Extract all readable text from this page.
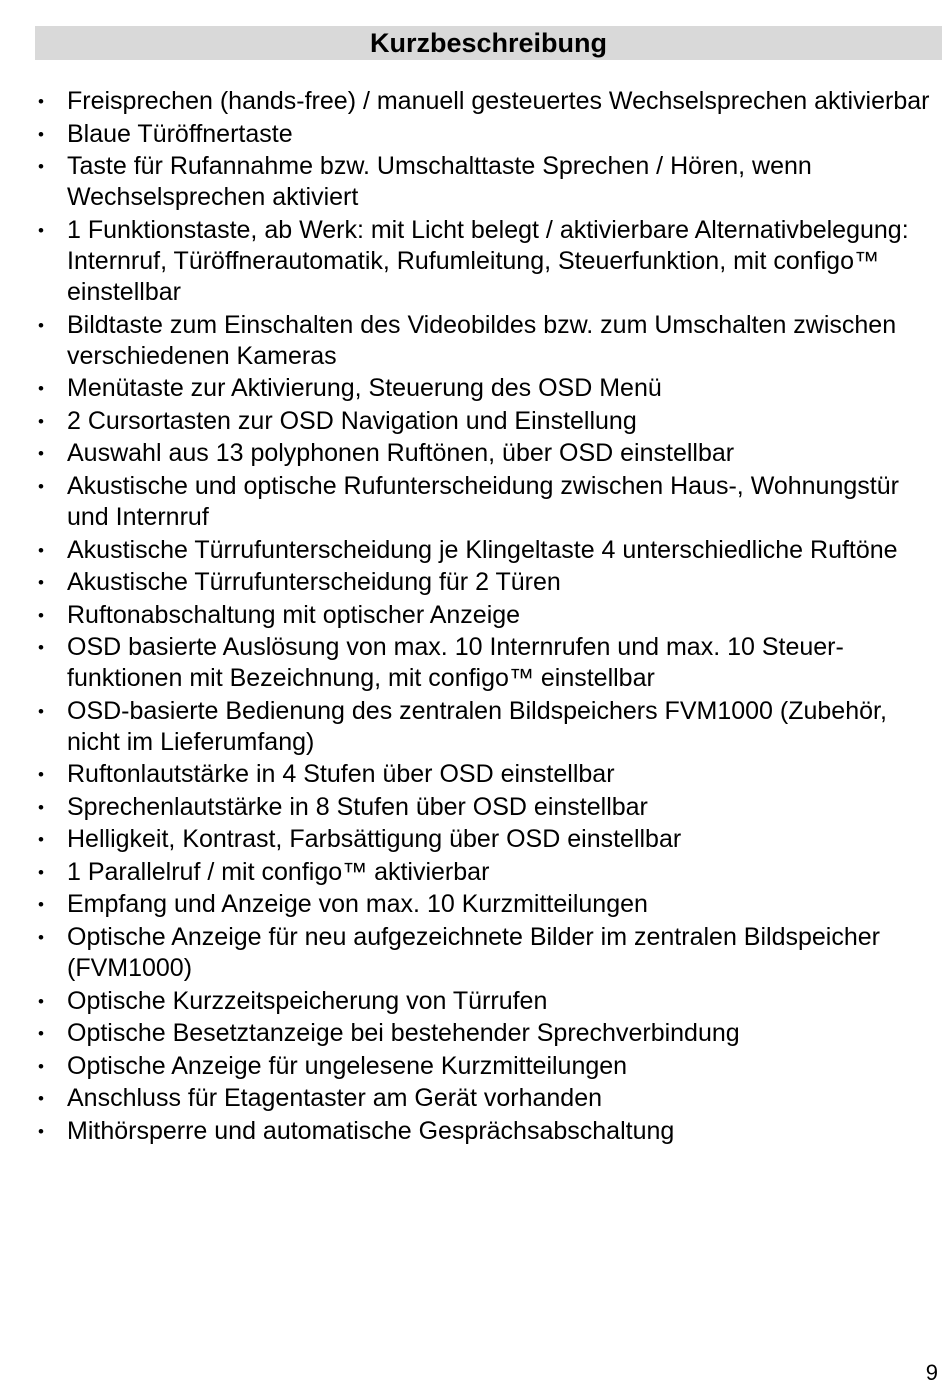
Kurzbeschreibung
• Freisprechen (hands-free) / manuell gesteuertes Wechselsprechen aktivierbar
• Blaue Türöffnertaste
• Taste für Rufannahme bzw. Umschalttaste Sprechen / Hören, wenn Wechselsprechen aktiviert
• 1 Funktionstaste, ab Werk: mit Licht belegt / aktivierbare Alternativbelegung: Internruf, Türöffnerautomatik, Rufumleitung, Steuerfunktion, mit configo™ einstellbar
• Bildtaste zum Einschalten des Videobildes bzw. zum Umschalten zwischen verschiedenen Kameras
• Menütaste zur Aktivierung, Steuerung des OSD Menü
• 2 Cursortasten zur OSD Navigation und Einstellung
• Auswahl aus 13 polyphonen Ruftönen, über OSD einstellbar
• Akustische und optische Rufunterscheidung zwischen Haus-, Wohnungstür und Internruf
• Akustische Türrufunterscheidung je Klingeltaste 4 unterschiedliche Ruftöne
• Akustische Türrufunterscheidung für 2 Türen
• Ruftonabschaltung mit optischer Anzeige
• OSD basierte Auslösung von max. 10 Internrufen und max. 10 Steuer-funktionen mit Bezeichnung, mit configo™ einstellbar
• OSD-basierte Bedienung des zentralen Bildspeichers FVM1000 (Zubehör, nicht im Lieferumfang)
• Ruftonlautstärke in 4 Stufen über OSD einstellbar
• Sprechenlautstärke in 8 Stufen über OSD einstellbar
• Helligkeit, Kontrast, Farbsättigung über OSD einstellbar
• 1 Parallelruf / mit configo™ aktivierbar
• Empfang und Anzeige von max. 10 Kurzmitteilungen
• Optische Anzeige für neu aufgezeichnete Bilder im zentralen Bildspeicher (FVM1000)
• Optische Kurzzeitspeicherung von Türrufen
• Optische Besetztanzeige bei bestehender Sprechverbindung
• Optische Anzeige für ungelesene Kurzmitteilungen
• Anschluss für Etagentaster am Gerät vorhanden
• Mithörsperre und automatische Gesprächsabschaltung
9
